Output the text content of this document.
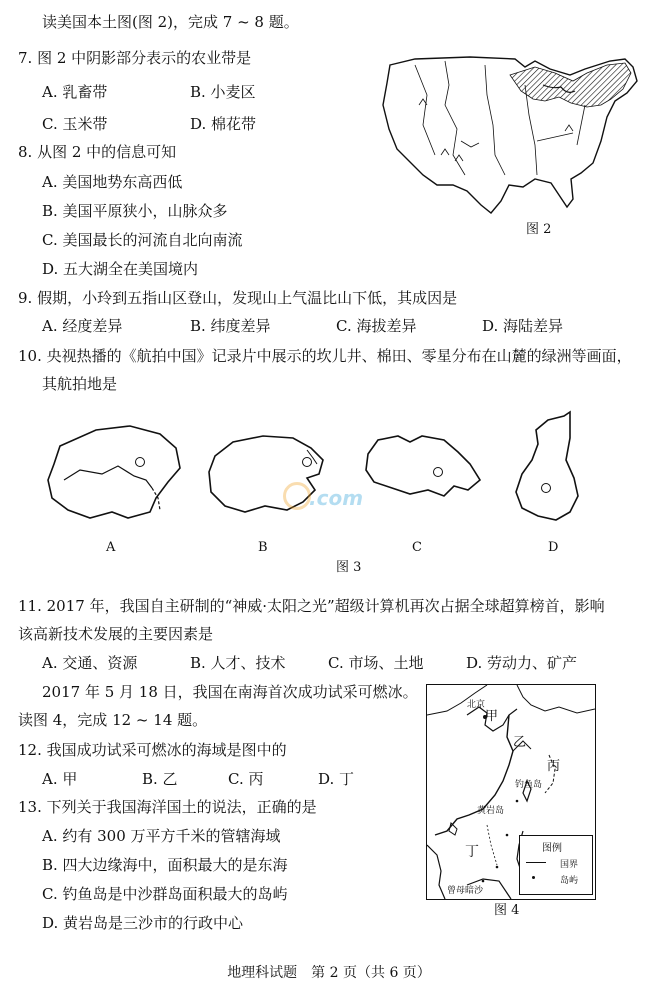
读美国本土图(图 2)，完成 7 ~ 8 题。
7. 图 2 中阴影部分表示的农业带是
A. 乳畜带	B. 小麦区
C. 玉米带	D. 棉花带
8. 从图 2 中的信息可知
A. 美国地势东高西低
B. 美国平原狭小，山脉众多
C. 美国最长的河流自北向南流
D. 五大湖全在美国境内
图 2
9. 假期，小玲到五指山区登山，发现山上气温比山下低，其成因是
A. 经度差异	B. 纬度差异	C. 海拔差异	D. 海陆差异
10. 央视热播的《航拍中国》记录片中展示的坎儿井、棉田、零星分布在山麓的绿洲等画面，
其航拍地是
A	B	C	D
图 3
.com
11. 2017 年，我国自主研制的“神威·太阳之光”超级计算机再次占据全球超算榜首，影响
该高新技术发展的主要因素是
A. 交通、资源	B. 人才、技术	C. 市场、土地	D. 劳动力、矿产
2017 年 5 月 18 日，我国在南海首次成功试采可燃冰。
读图 4，完成 12 ~ 14 题。
12. 我国成功试采可燃冰的海域是图中的
A. 甲	B. 乙	C. 丙	D. 丁
13. 下列关于我国海洋国土的说法，正确的是
A. 约有 300 万平方千米的管辖海域
B. 四大边缘海中，面积最大的是东海
C. 钓鱼岛是中沙群岛面积最大的岛屿
D. 黄岩岛是三沙市的行政中心
北京
甲
乙
丙
钓鱼岛
黄岩岛
丁
曾母暗沙
图例
国界
岛屿
图 4
地理科试题　第 2 页（共 6 页）
